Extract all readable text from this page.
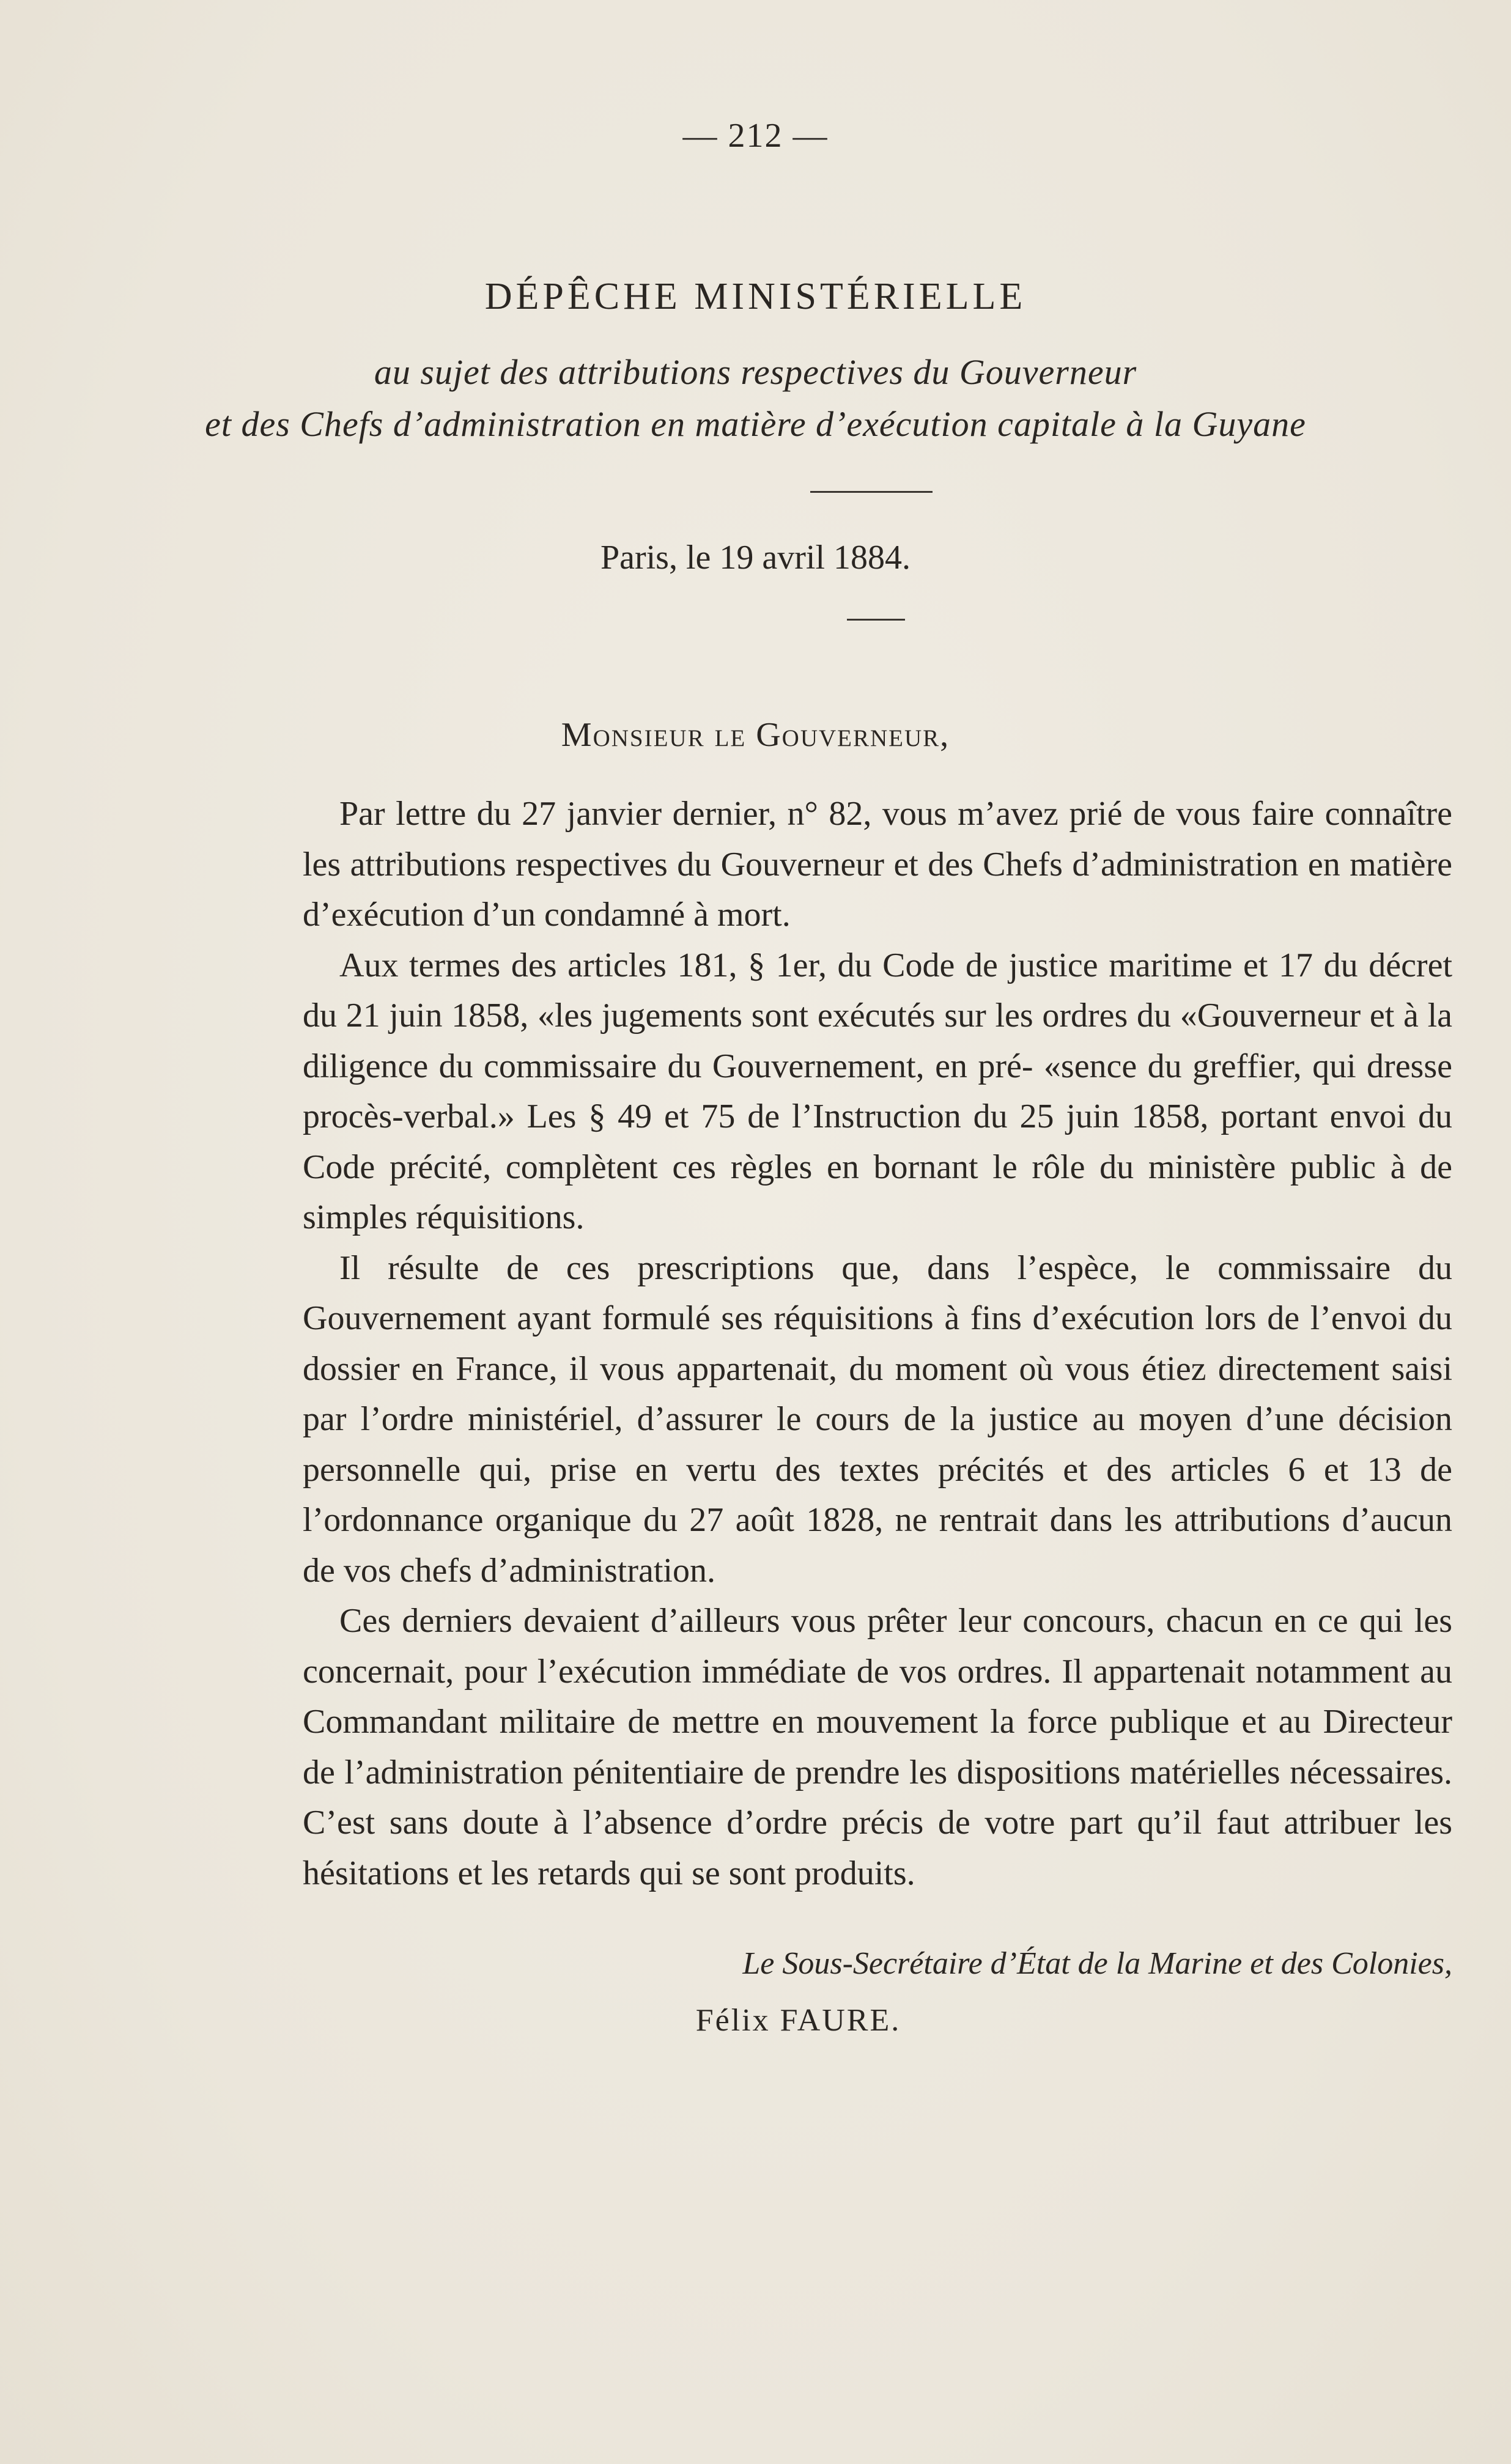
— 212 —
DÉPÊCHE MINISTÉRIELLE
au sujet des attributions respectives du Gouverneur
et des Chefs d’administration en matière d’exécution capitale à la Guyane
Paris, le 19 avril 1884.
Monsieur le Gouverneur,

Par lettre du 27 janvier dernier, n° 82, vous m’avez prié de vous faire connaître les attributions respectives du Gouverneur et des Chefs d’administration en matière d’exécution d’un condamné à mort.

Aux termes des articles 181, § 1er, du Code de justice maritime et 17 du décret du 21 juin 1858, «les jugements sont exécutés sur les ordres du «Gouverneur et à la diligence du commissaire du Gouvernement, en pré- «sence du greffier, qui dresse procès-verbal.» Les § 49 et 75 de l’Instruction du 25 juin 1858, portant envoi du Code précité, complètent ces règles en bornant le rôle du ministère public à de simples réquisitions.

Il résulte de ces prescriptions que, dans l’espèce, le commissaire du Gouvernement ayant formulé ses réquisitions à fins d’exécution lors de l’envoi du dossier en France, il vous appartenait, du moment où vous étiez directement saisi par l’ordre ministériel, d’assurer le cours de la justice au moyen d’une décision personnelle qui, prise en vertu des textes précités et des articles 6 et 13 de l’ordonnance organique du 27 août 1828, ne rentrait dans les attributions d’aucun de vos chefs d’administration.

Ces derniers devaient d’ailleurs vous prêter leur concours, chacun en ce qui les concernait, pour l’exécution immédiate de vos ordres. Il appartenait notamment au Commandant militaire de mettre en mouvement la force publique et au Directeur de l’administration pénitentiaire de prendre les dispositions matérielles nécessaires. C’est sans doute à l’absence d’ordre précis de votre part qu’il faut attribuer les hésitations et les retards qui se sont produits.

Le Sous-Secrétaire d’État de la Marine et des Colonies,
Félix FAURE.
